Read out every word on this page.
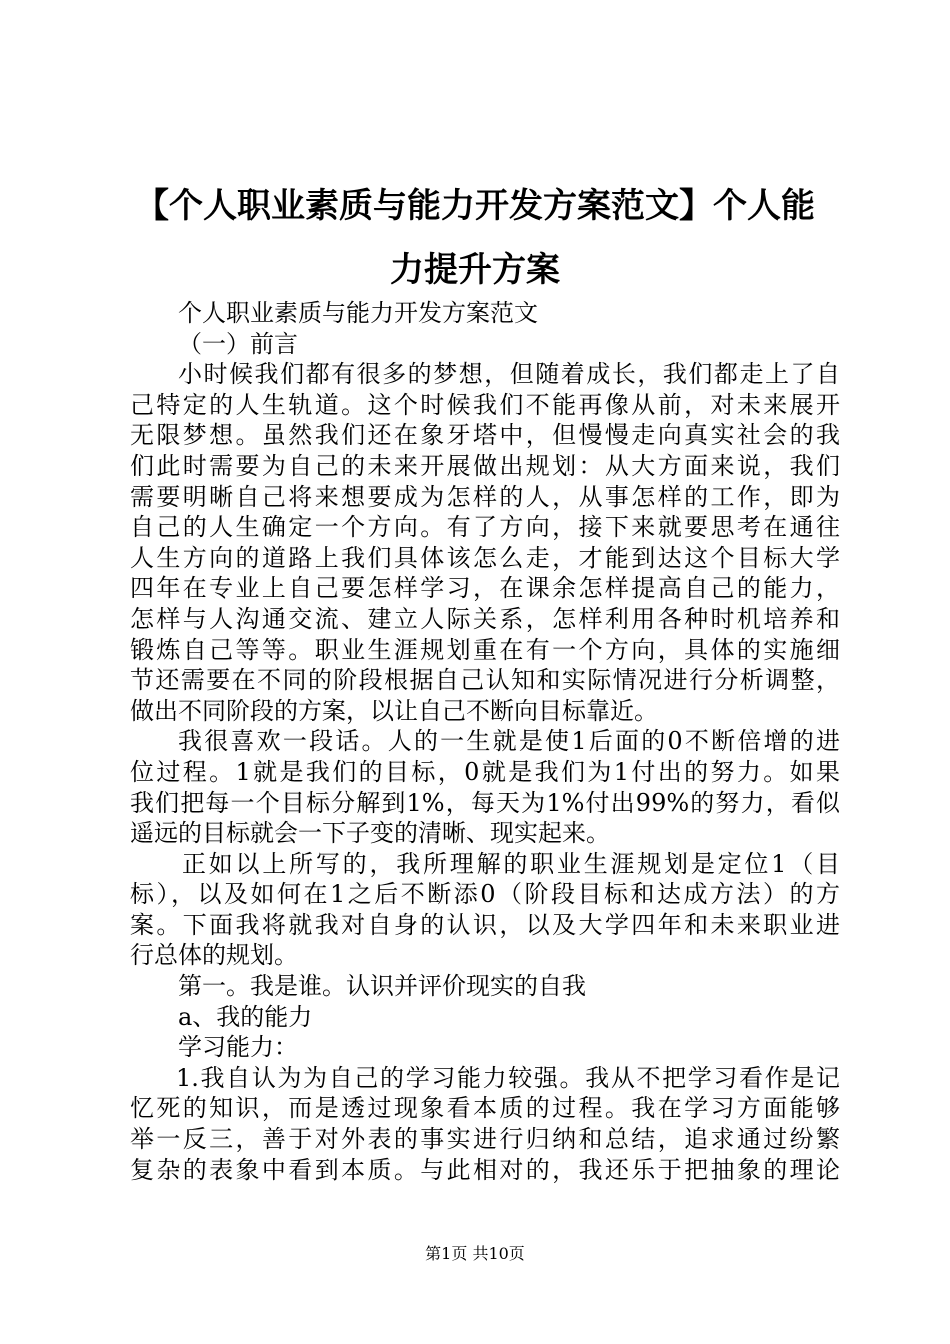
【个人职业素质与能力开发方案范文】个人能
力提升方案
个人职业素质与能力开发方案范文
（一）前言
小时候我们都有很多的梦想，但随着成长，我们都走上了自
己特定的人生轨道。这个时候我们不能再像从前，对未来展开
无限梦想。虽然我们还在象牙塔中，但慢慢走向真实社会的我
们此时需要为自己的未来开展做出规划：从大方面来说，我们
需要明晰自己将来想要成为怎样的人，从事怎样的工作，即为
自己的人生确定一个方向。有了方向，接下来就要思考在通往
人生方向的道路上我们具体该怎么走，才能到达这个目标大学
四年在专业上自己要怎样学习，在课余怎样提高自己的能力，
怎样与人沟通交流、建立人际关系，怎样利用各种时机培养和
锻炼自己等等。职业生涯规划重在有一个方向，具体的实施细
节还需要在不同的阶段根据自己认知和实际情况进行分析调整，
做出不同阶段的方案，以让自己不断向目标靠近。
我很喜欢一段话。人的一生就是使1后面的0不断倍增的进
位过程。1就是我们的目标，0就是我们为1付出的努力。如果
我们把每一个目标分解到1%，每天为1%付出99%的努力，看似
遥远的目标就会一下子变的清晰、现实起来。
正如以上所写的，我所理解的职业生涯规划是定位1（目
标），以及如何在1之后不断添0（阶段目标和达成方法）的方
案。下面我将就我对自身的认识，以及大学四年和未来职业进
行总体的规划。
第一。我是谁。认识并评价现实的自我
a、我的能力
学习能力：
1.我自认为为自己的学习能力较强。我从不把学习看作是记
忆死的知识，而是透过现象看本质的过程。我在学习方面能够
举一反三，善于对外表的事实进行归纳和总结，追求通过纷繁
复杂的表象中看到本质。与此相对的，我还乐于把抽象的理论
第1页 共10页
